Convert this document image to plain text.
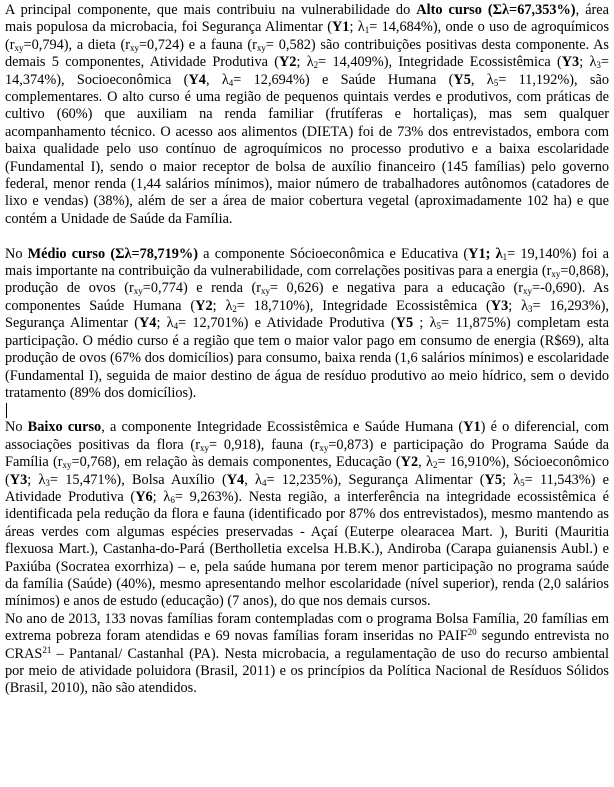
A principal componente, que mais contribuiu na vulnerabilidade do Alto curso (Σλ=67,353%), área mais populosa da microbacia, foi Segurança Alimentar (Y1; $\lambda_1= 14,684\%$), onde o uso de agroquímicos $(r_{xy}=0,794)$, a dieta $(r_{xy}=0,724)$ e a fauna $(r_{xy}= 0,582)$ são contribuições positivas desta componente. As demais 5 componentes, Atividade Produtiva (Y2; $\lambda_2= 14,409\%$), Integridade Ecossistêmica (Y3; $\lambda_3= 14,374\%$), Socioeconômica (Y4, $\lambda_4= 12,694\%$) e Saúde Humana (Y5, $\lambda_5= 11,192\%$), são complementares. O alto curso é uma região de pequenos quintais verdes e produtivos, com práticas de cultivo (60%) que auxiliam na renda familiar (frutíferas e hortaliças), mas sem qualquer acompanhamento técnico. O acesso aos alimentos (DIETA) foi de 73% dos entrevistados, embora com baixa qualidade pelo uso contínuo de agroquímicos no processo produtivo e a baixa escolaridade (Fundamental I), sendo o maior receptor de bolsa de auxílio financeiro (145 famílias) pelo governo federal, menor renda (1,44 salários mínimos), maior número de trabalhadores autônomos (catadores de lixo e vendas) (38%), além de ser a área de maior cobertura vegetal (aproximadamente 102 ha) e que contém a Unidade de Saúde da Família.

No Médio curso (Σλ=78,719%) a componente Sócioeconômica e Educativa (Y1; $\lambda_1= 19,140\%$) foi a mais importante na contribuição da vulnerabilidade, com correlações positivas para a energia $(r_{xy}=0,868)$, produção de ovos $(r_{xy}=0,774)$ e renda $(r_{xy}= 0,626)$ e negativa para a educação $(r_{xy}=-0,690)$. As componentes Saúde Humana (Y2; $\lambda_2= 18,710\%$), Integridade Ecossistêmica (Y3; $\lambda_3= 16,293\%$), Segurança Alimentar (Y4; $\lambda_4= 12,701\%$) e Atividade Produtiva (Y5 ; $\lambda_5= 11,875\%$) completam esta participação. O médio curso é a região que tem o maior valor pago em consumo de energia (R$69), alta produção de ovos (67% dos domicílios) para consumo, baixa renda (1,6 salários mínimos) e escolaridade (Fundamental I), seguida de maior destino de água de resíduo produtivo ao meio hídrico, sem o devido tratamento (89% dos domicílios).

No Baixo curso, a componente Integridade Ecossistêmica e Saúde Humana (Y1) é o diferencial, com associações positivas da flora $(r_{xy}= 0,918)$, fauna $(r_{xy}=0,873)$ e participação do Programa Saúde da Família $(r_{xy}=0,768)$, em relação às demais componentes, Educação (Y2, $\lambda_2= 16,910\%$), Sócioeconômico (Y3; $\lambda_3= 15,471\%$), Bolsa Auxílio (Y4, $\lambda_4= 12,235\%$), Segurança Alimentar (Y5; $\lambda_5= 11,543\%$) e Atividade Produtiva (Y6; $\lambda_6= 9,263\%$). Nesta região, a interferência na integridade ecossistêmica é identificada pela redução da flora e fauna (identificado por 87% dos entrevistados), mesmo mantendo as áreas verdes com algumas espécies preservadas - Açaí (Euterpe olearacea Mart. ), Buriti (Mauritia flexuosa Mart.), Castanha-do-Pará (Bertholletia excelsa H.B.K.), Andiroba (Carapa guianensis Aubl.) e Paxiúba (Socratea exorrhiza) – e, pela saúde humana por terem menor participação no programa saúde da família (Saúde) (40%), mesmo apresentando melhor escolaridade (nível superior), renda (2,0 salários mínimos) e anos de estudo (educação) (7 anos), do que nos demais cursos.

No ano de 2013, 133 novas famílias foram contempladas com o programa Bolsa Família, 20 famílias em extrema pobreza foram atendidas e 69 novas famílias foram inseridas no PAIF$^{20}$ segundo entrevista no CRAS$^{21}$ – Pantanal/ Castanhal (PA). Nesta microbacia, a regulamentação de uso do recurso ambiental por meio de atividade poluidora (Brasil, 2011) e os princípios da Política Nacional de Resíduos Sólidos (Brasil, 2010), não são atendidos.
